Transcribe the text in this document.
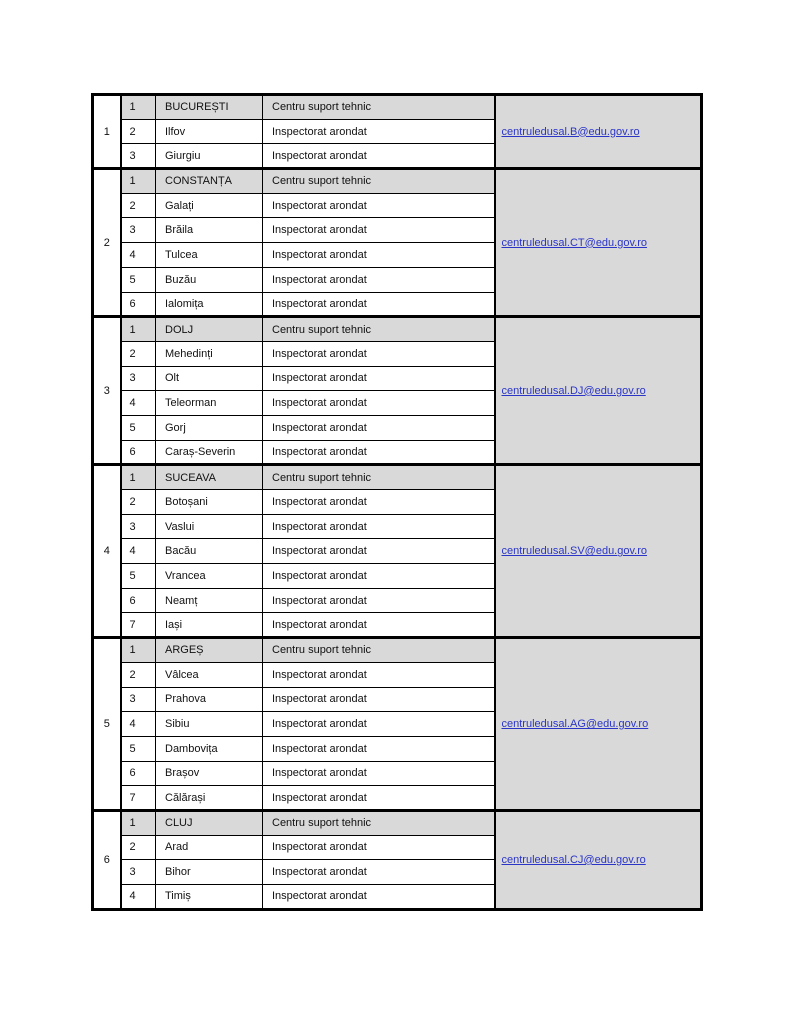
1	1	BUCUREȘTI	Centru suport tehnic	centruledusal.B@edu.gov.ro
	2	Ilfov	Inspectorat arondat	
	3	Giurgiu	Inspectorat arondat	
2	1	CONSTANȚA	Centru suport tehnic	centruledusal.CT@edu.gov.ro
	2	Galați	Inspectorat arondat	
	3	Brăila	Inspectorat arondat	
	4	Tulcea	Inspectorat arondat	
	5	Buzău	Inspectorat arondat	
	6	Ialomița	Inspectorat arondat	
3	1	DOLJ	Centru suport tehnic	centruledusal.DJ@edu.gov.ro
	2	Mehedinți	Inspectorat arondat	
	3	Olt	Inspectorat arondat	
	4	Teleorman	Inspectorat arondat	
	5	Gorj	Inspectorat arondat	
	6	Caraș-Severin	Inspectorat arondat	
4	1	SUCEAVA	Centru suport tehnic	centruledusal.SV@edu.gov.ro
	2	Botoșani	Inspectorat arondat	
	3	Vaslui	Inspectorat arondat	
	4	Bacău	Inspectorat arondat	
	5	Vrancea	Inspectorat arondat	
	6	Neamț	Inspectorat arondat	
	7	Iași	Inspectorat arondat	
5	1	ARGEȘ	Centru suport tehnic	centruledusal.AG@edu.gov.ro
	2	Vâlcea	Inspectorat arondat	
	3	Prahova	Inspectorat arondat	
	4	Sibiu	Inspectorat arondat	
	5	Dambovița	Inspectorat arondat	
	6	Brașov	Inspectorat arondat	
	7	Călărași	Inspectorat arondat	
6	1	CLUJ	Centru suport tehnic	centruledusal.CJ@edu.gov.ro
	2	Arad	Inspectorat arondat	
	3	Bihor	Inspectorat arondat	
	4	Timiș	Inspectorat arondat	
